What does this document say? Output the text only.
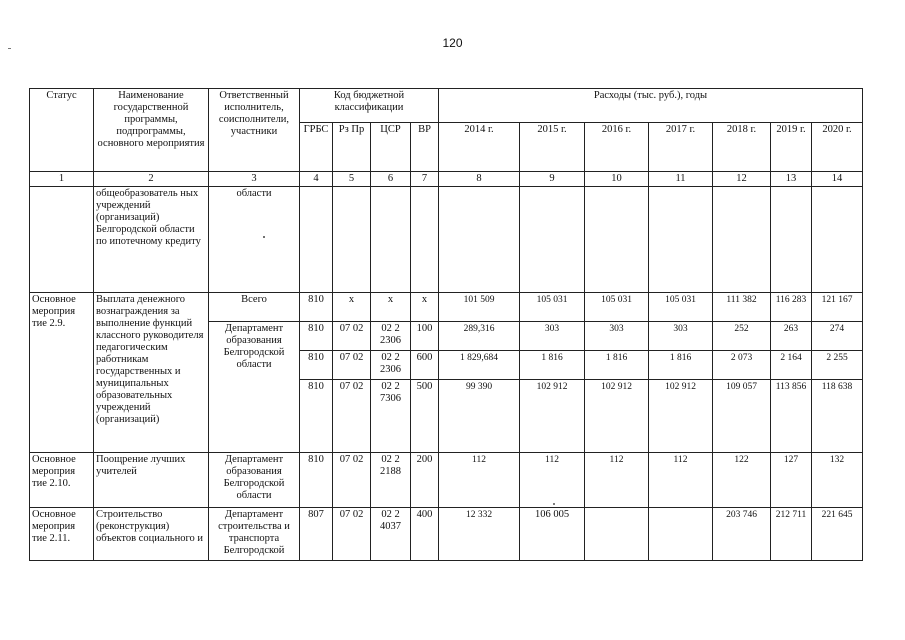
120
Статус	Наименование государственной программы, подпрограммы, основного мероприятия	Ответственный исполнитель, соисполнители, участники	Код бюджетной классификации				Расходы (тыс. руб.), годы						
			ГРБС	Рз Пр	ЦСР	ВР	2014 г.	2015 г.	2016 г.	2017 г.	2018 г.	2019 г.	2020 г.
1	2	3	4	5	6	7	8	9	10	11	12	13	14
	общеобразователь ных учреждений (организаций) Белгородской области по ипотечному кредиту	области											
Основное мероприя тие 2.9.	Выплата денежного вознаграждения за выполнение функций классного руководителя педагогическим работникам государственных и муниципальных образовательных учреждений (организаций)	Всего	810	х	х	х	101 509	105 031	105 031	105 031	111 382	116 283	121 167
		Департамент образования Белгородской области	810	07 02	02 2 2306	100	289,316	303	303	303	252	263	274
			810	07 02	02 2 2306	600	1 829,684	1 816	1 816	1 816	2 073	2 164	2 255
			810	07 02	02 2 7306	500	99 390	102 912	102 912	102 912	109 057	113 856	118 638
Основное мероприя тие 2.10.	Поощрение лучших учителей	Департамент образования Белгородской области	810	07 02	02 2 2188	200	112	112	112	112	122	127	132
Основное мероприя тие 2.11.	Строительство (реконструкция) объектов социального и	Департамент строительства и транспорта Белгородской	807	07 02	02 2 4037	400	12 332	106 005			203 746	212 711	221 645
